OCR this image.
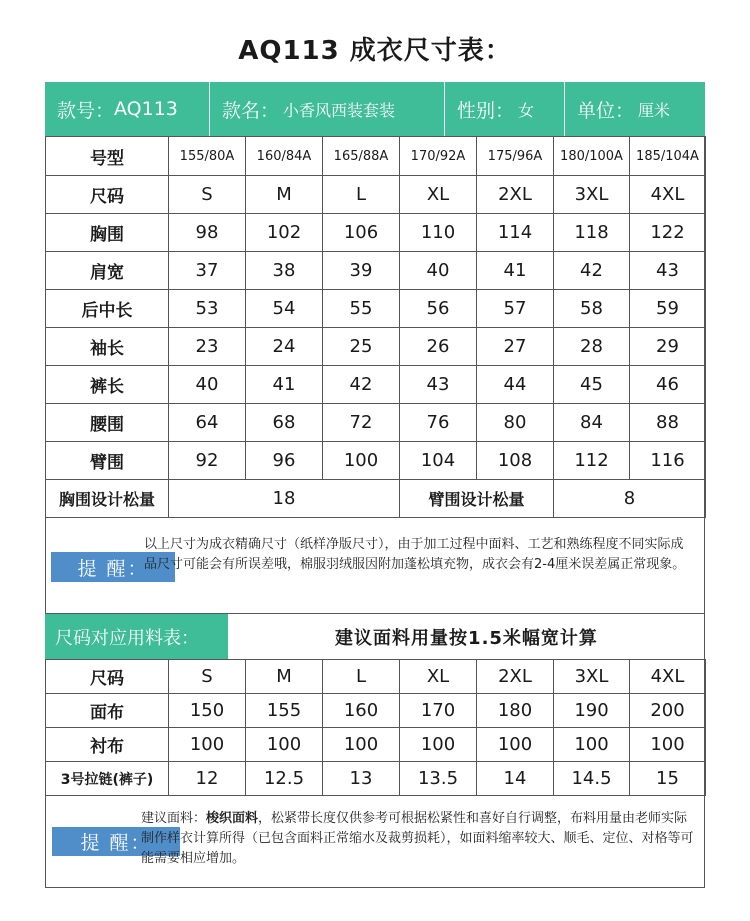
AQ113 成衣尺寸表：
款号： AQ113 款名： 小香风西装套装	性别： 女 单位： 厘米
号型	155/80A	160/84A	165/88A	170/92A	175/96A	180/100A	185/104A
尺码	S	M	L	XL	2XL	3XL	4XL
胸围	98	102	106	110	114	118	122
肩宽	37	38	39	40	41	42	43
后中长	53	54	55	56	57	58	59
袖长	23	24	25	26	27	28	29
裤长	40	41	42	43	44	45	46
腰围	64	68	72	76	80	84	88
臂围	92	96	100	104	108	112	116
胸围设计松量	18			臂围设计松量		8	
提 醒：
以上尺寸为成衣精确尺寸（纸样净版尺寸），由于加工过程中面料、工艺和熟练程度不同实际成品尺寸可能会有所误差哦，棉服羽绒服因附加蓬松填充物，成衣会有2-4厘米误差属正常现象。
尺码对应用料表：	建议面料用量按1.5米幅宽计算
尺码	S	M	L	XL	2XL	3XL	4XL
面布	150	155	160	170	180	190	200
衬布	100	100	100	100	100	100	100
3号拉链(裤子)	12	12.5	13	13.5	14	14.5	15
提 醒：
建议面料：梭织面料，松紧带长度仅供参考可根据松紧性和喜好自行调整，布料用量由老师实际制作样衣计算所得（已包含面料正常缩水及裁剪损耗），如面料缩率较大、顺毛、定位、对格等可能需要相应增加。
